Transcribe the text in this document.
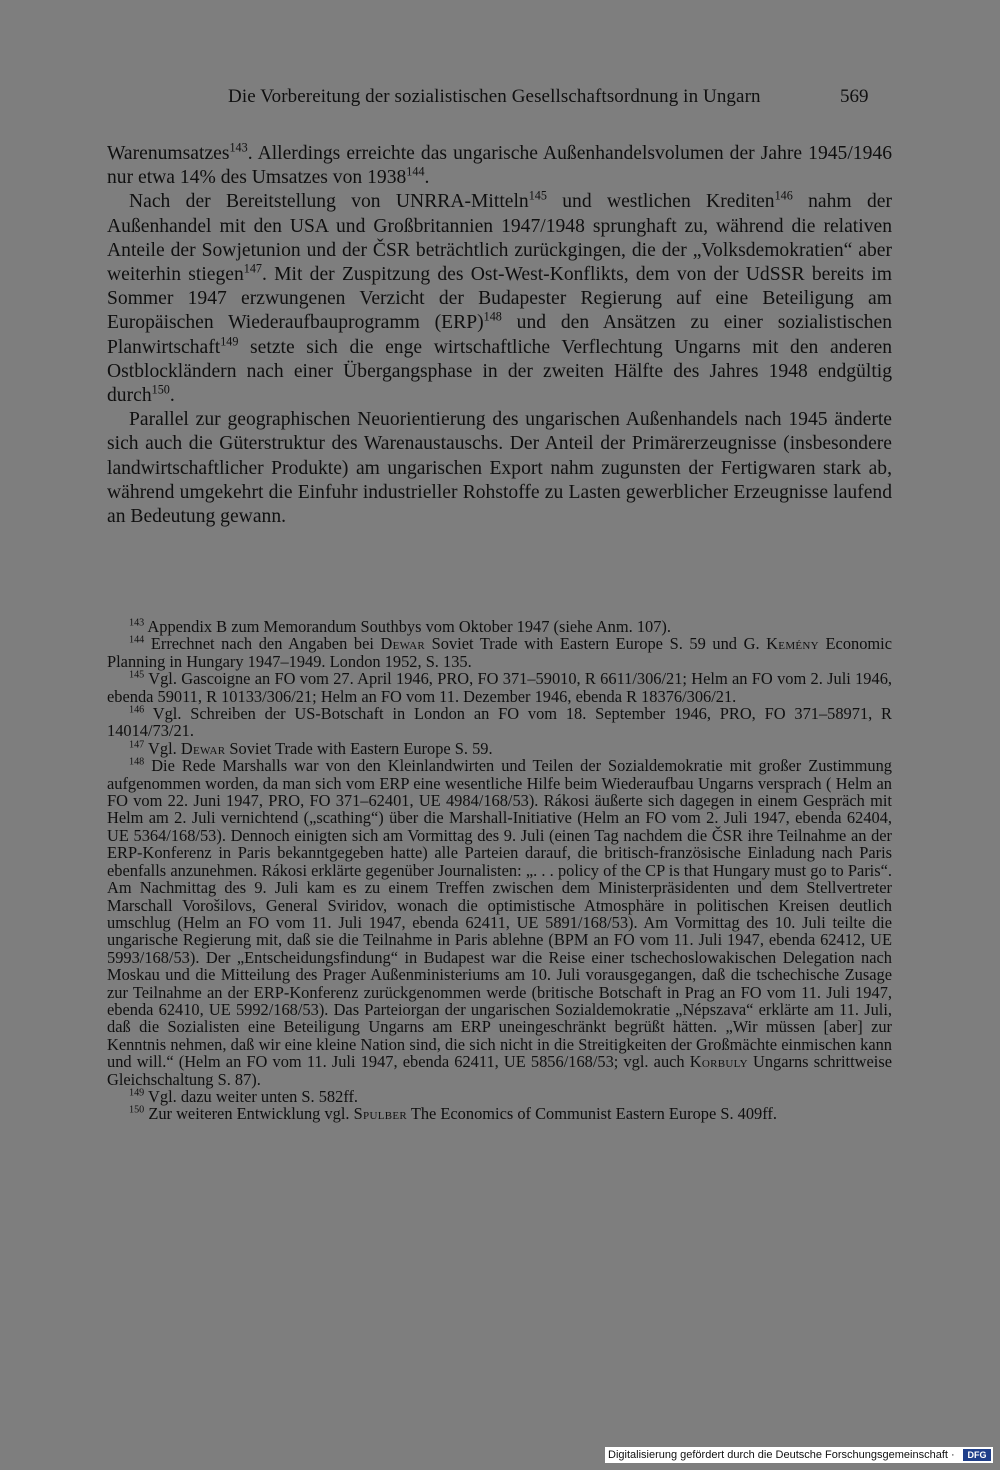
Die Vorbereitung der sozialistischen Gesellschaftsordnung in Ungarn	569

Warenumsatzes$^{143}$. Allerdings erreichte das ungarische Außenhandelsvolumen der Jahre 1945/1946 nur etwa 14% des Umsatzes von 1938$^{144}$.

Nach der Bereitstellung von UNRRA-Mitteln$^{145}$ und westlichen Krediten$^{146}$ nahm der Außenhandel mit den USA und Großbritannien 1947/1948 sprunghaft zu, während die relativen Anteile der Sowjetunion und der ČSR beträchtlich zurückgingen, die der „Volksdemokratien“ aber weiterhin stiegen$^{147}$. Mit der Zuspitzung des Ost-West-Konflikts, dem von der UdSSR bereits im Sommer 1947 erzwungenen Verzicht der Budapester Regierung auf eine Beteiligung am Europäischen Wiederaufbauprogramm (ERP)$^{148}$ und den Ansätzen zu einer sozialistischen Planwirtschaft$^{149}$ setzte sich die enge wirtschaftliche Verflechtung Ungarns mit den anderen Ostblockländern nach einer Übergangsphase in der zweiten Hälfte des Jahres 1948 endgültig durch$^{150}$.

Parallel zur geographischen Neuorientierung des ungarischen Außenhandels nach 1945 änderte sich auch die Güterstruktur des Warenaustauschs. Der Anteil der Primärerzeugnisse (insbesondere landwirtschaftlicher Produkte) am ungarischen Export nahm zugunsten der Fertigwaren stark ab, während umgekehrt die Einfuhr industrieller Rohstoffe zu Lasten gewerblicher Erzeugnisse laufend an Bedeutung gewann.

$^{143}$ Appendix B zum Memorandum Southbys vom Oktober 1947 (siehe Anm. 107).

$^{144}$ Errechnet nach den Angaben bei Dewar Soviet Trade with Eastern Europe S. 59 und G. Kemény Economic Planning in Hungary 1947–1949. London 1952, S. 135.

$^{145}$ Vgl. Gascoigne an FO vom 27. April 1946, PRO, FO 371–59010, R 6611/306/21; Helm an FO vom 2. Juli 1946, ebenda 59011, R 10133/306/21; Helm an FO vom 11. Dezember 1946, ebenda R 18376/306/21.

$^{146}$ Vgl. Schreiben der US-Botschaft in London an FO vom 18. September 1946, PRO, FO 371–58971, R 14014/73/21.

$^{147}$ Vgl. Dewar Soviet Trade with Eastern Europe S. 59.

$^{148}$ Die Rede Marshalls war von den Kleinlandwirten und Teilen der Sozialdemokratie mit großer Zustimmung aufgenommen worden, da man sich vom ERP eine wesentliche Hilfe beim Wiederaufbau Ungarns versprach ( Helm an FO vom 22. Juni 1947, PRO, FO 371–62401, UE 4984/168/53). Rákosi äußerte sich dagegen in einem Gespräch mit Helm am 2. Juli vernichtend („scathing“) über die Marshall-Initiative (Helm an FO vom 2. Juli 1947, ebenda 62404, UE 5364/168/53). Dennoch einigten sich am Vormittag des 9. Juli (einen Tag nachdem die ČSR ihre Teilnahme an der ERP-Konferenz in Paris bekanntgegeben hatte) alle Parteien darauf, die britisch-französische Einladung nach Paris ebenfalls anzunehmen. Rákosi erklärte gegenüber Journalisten: „. . . policy of the CP is that Hungary must go to Paris“. Am Nachmittag des 9. Juli kam es zu einem Treffen zwischen dem Ministerpräsidenten und dem Stellvertreter Marschall Vorošilovs, General Sviridov, wonach die optimistische Atmosphäre in politischen Kreisen deutlich umschlug (Helm an FO vom 11. Juli 1947, ebenda 62411, UE 5891/168/53). Am Vormittag des 10. Juli teilte die ungarische Regierung mit, daß sie die Teilnahme in Paris ablehne (BPM an FO vom 11. Juli 1947, ebenda 62412, UE 5993/168/53). Der „Entscheidungsfindung“ in Budapest war die Reise einer tschechoslowakischen Delegation nach Moskau und die Mitteilung des Prager Außenministeriums am 10. Juli vorausgegangen, daß die tschechische Zusage zur Teilnahme an der ERP-Konferenz zurückgenommen werde (britische Botschaft in Prag an FO vom 11. Juli 1947, ebenda 62410, UE 5992/168/53). Das Parteiorgan der ungarischen Sozialdemokratie „Népszava“ erklärte am 11. Juli, daß die Sozialisten eine Beteiligung Ungarns am ERP uneingeschränkt begrüßt hätten. „Wir müssen [aber] zur Kenntnis nehmen, daß wir eine kleine Nation sind, die sich nicht in die Streitigkeiten der Großmächte einmischen kann und will.“ (Helm an FO vom 11. Juli 1947, ebenda 62411, UE 5856/168/53; vgl. auch Korbuly Ungarns schrittweise Gleichschaltung S. 87).

$^{149}$ Vgl. dazu weiter unten S. 582ff.

$^{150}$ Zur weiteren Entwicklung vgl. Spulber The Economics of Communist Eastern Europe S. 409ff.

Digitalisierung gefördert durch die Deutsche Forschungsgemeinschaft ·	DFG
